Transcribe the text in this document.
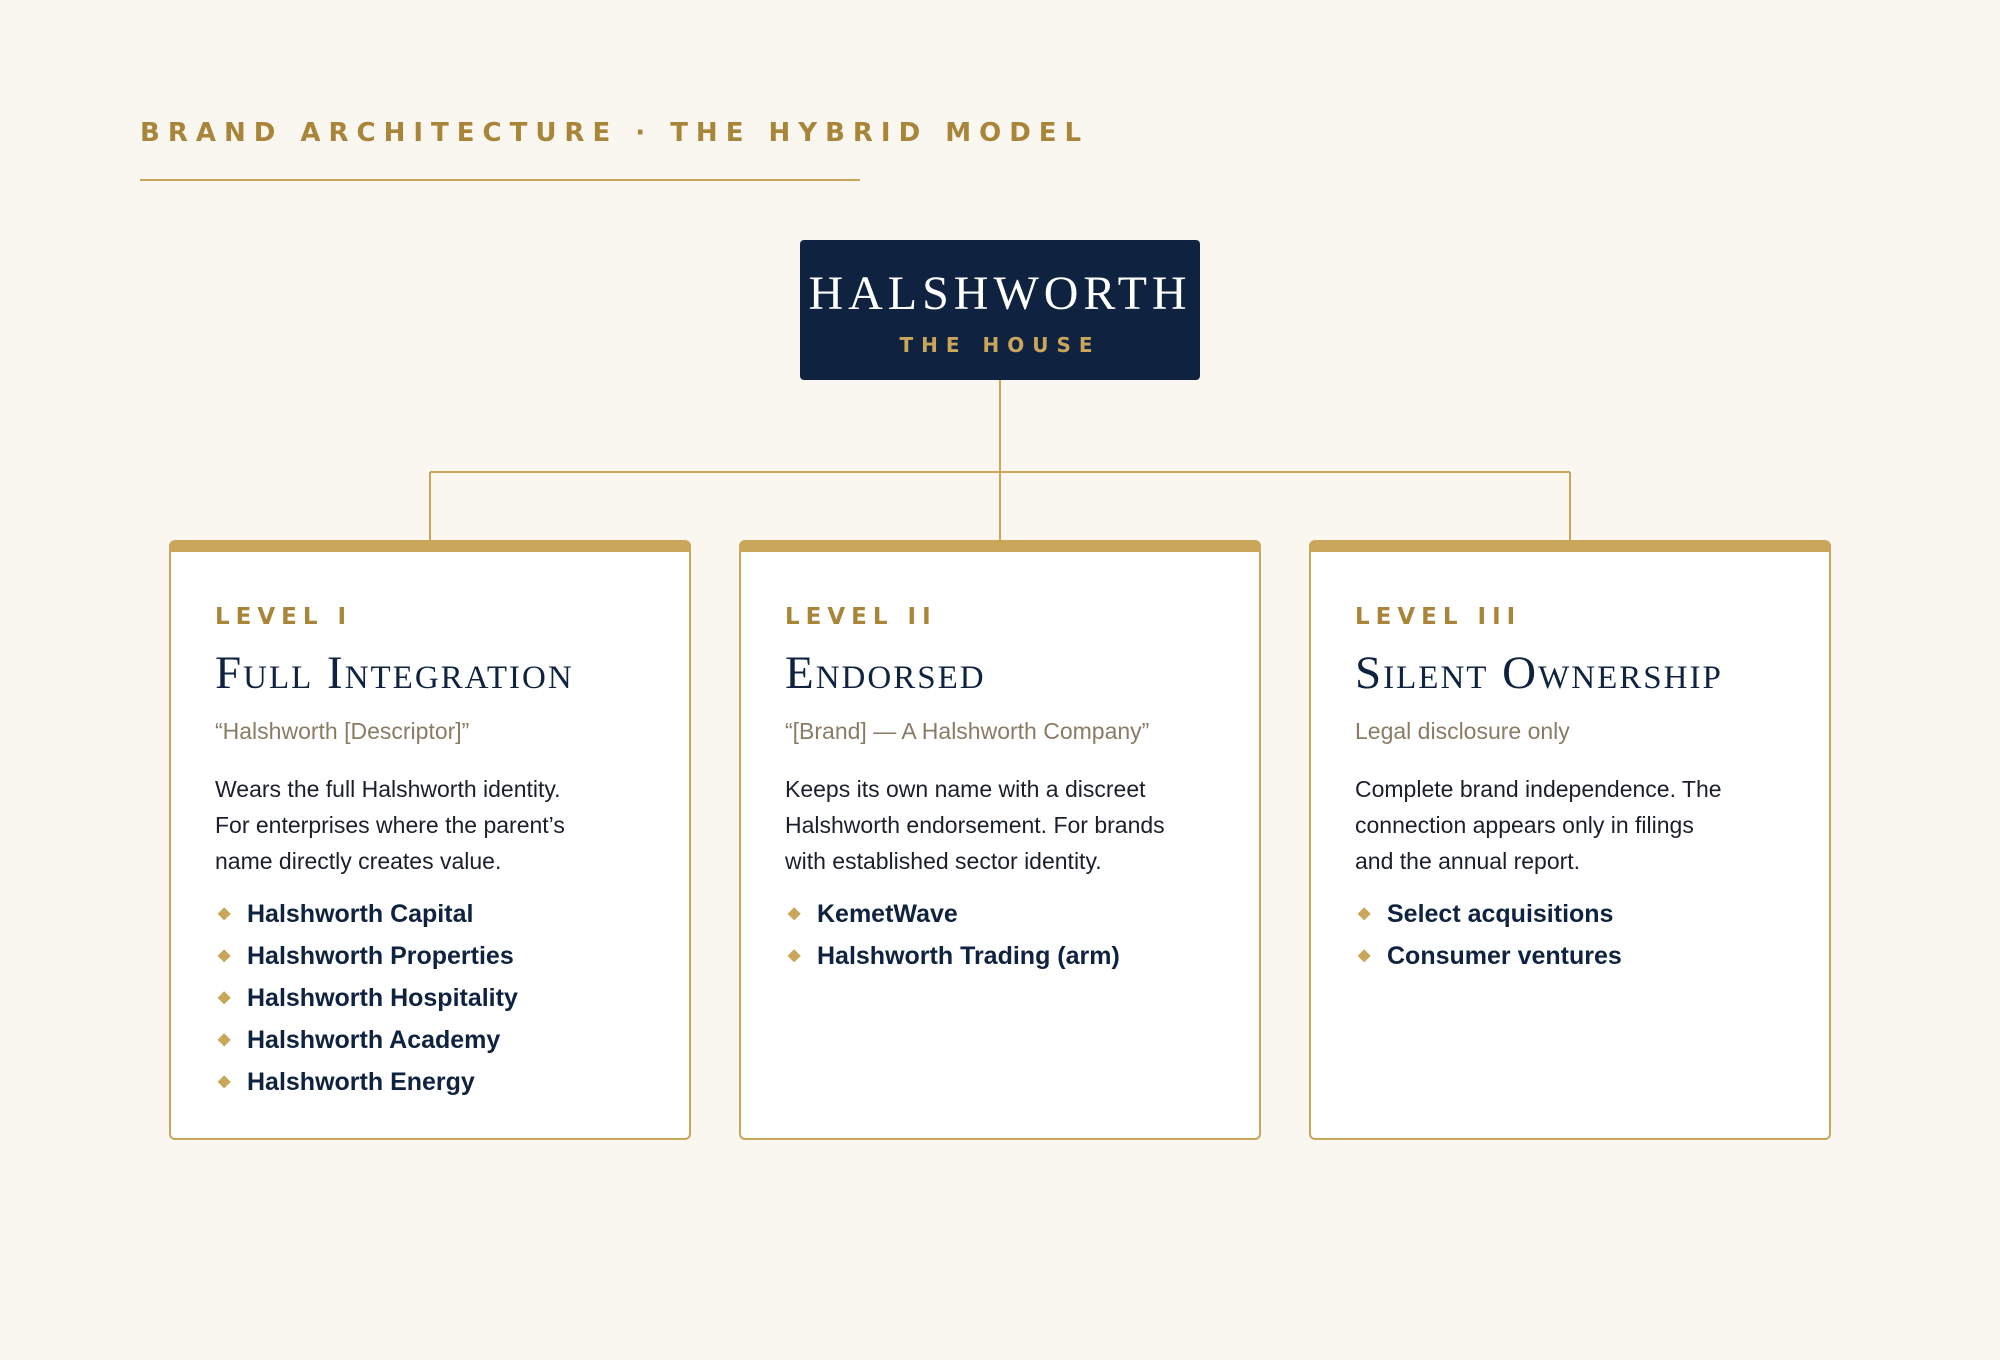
BRAND ARCHITECTURE · THE HYBRID MODEL
HALSHWORTH
THE HOUSE
LEVEL I
Full Integration
“Halshworth [Descriptor]”
Wears the full Halshworth identity. For enterprises where the parent’s name directly creates value.
◆ Halshworth Capital
◆ Halshworth Properties
◆ Halshworth Hospitality
◆ Halshworth Academy
◆ Halshworth Energy
LEVEL II
Endorsed
“[Brand] — A Halshworth Company”
Keeps its own name with a discreet Halshworth endorsement. For brands with established sector identity.
◆ KemetWave
◆ Halshworth Trading (arm)
LEVEL III
Silent Ownership
Legal disclosure only
Complete brand independence. The connection appears only in filings and the annual report.
◆ Select acquisitions
◆ Consumer ventures
